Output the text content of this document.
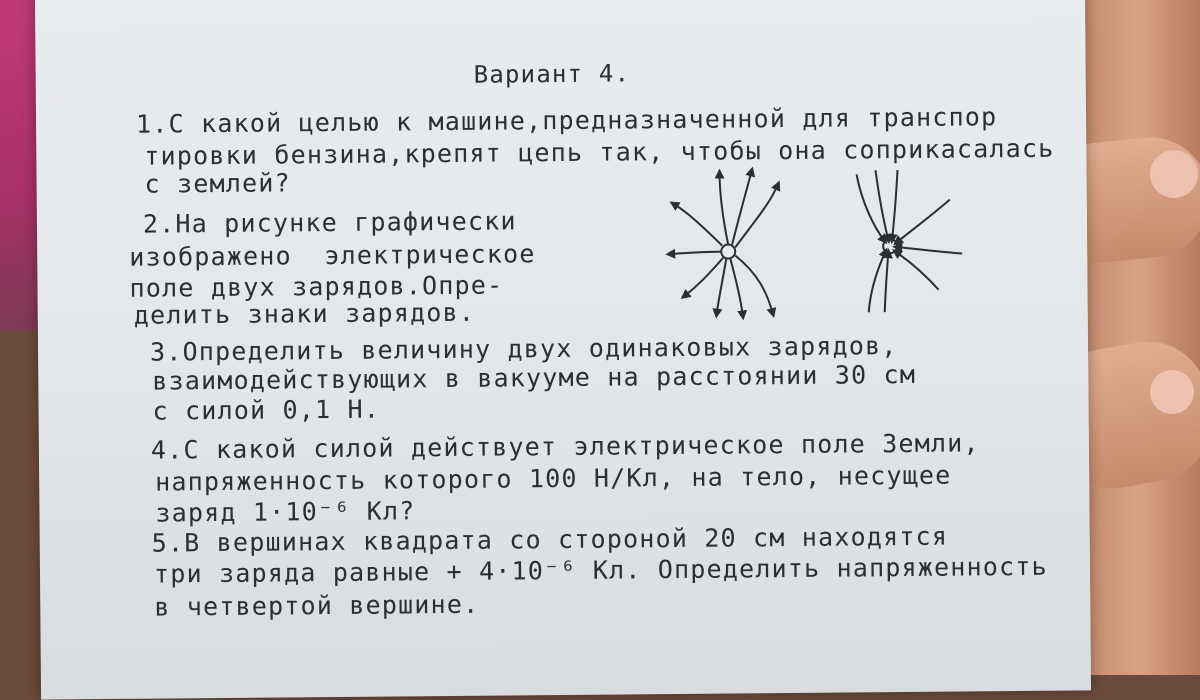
Вариант 4.
1.С какой целью к машине,предназначенной для транспор
тировки бензина,крепят цепь так, чтобы она соприкасалась
с землей?
2.На рисунке графически
изображено  электрическое
поле двух зарядов.Опре-
делить знаки зарядов.
3.Определить величину двух одинаковых зарядов,
взаимодействующих в вакууме на расстоянии 30 см
с силой 0,1 Н.
4.С какой силой действует электрическое поле Земли,
напряженность которого 100 Н/Кл, на тело, несущее
заряд 1·10⁻⁶ Кл?
5.В вершинах квадрата со стороной 20 см находятся
три заряда равные + 4·10⁻⁶ Кл. Определить напряженность
в четвертой вершине.
